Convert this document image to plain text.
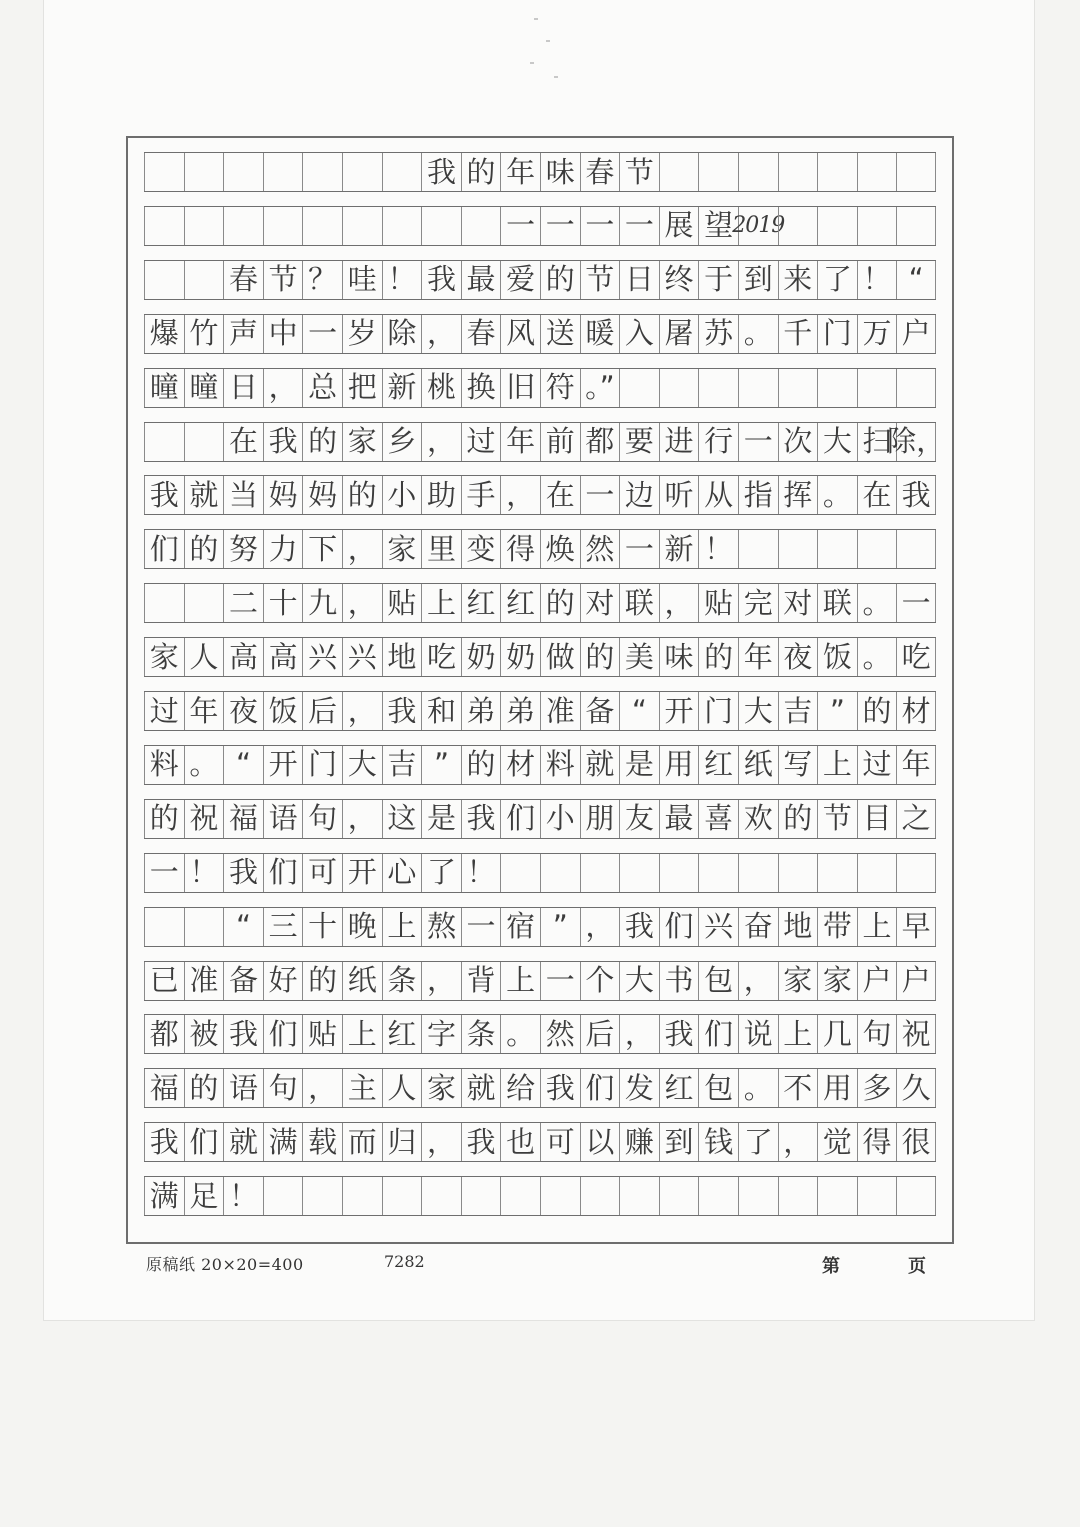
我 的 年 味 春 节
一 一 一 一 展 望 2019
春 节 ？ 哇 ！ 我 最 爱 的 节 日 终 于 到 来 了 ！ “
爆 竹 声 中 一 岁 除 ， 春 风 送 暖 入 屠 苏 。 千 门 万 户
曈 曈 日 ， 总 把 新 桃 换 旧 符 。”
在 我 的 家 乡 ， 过 年 前 都 要 进 行 一 次 大 扫
除，
我 就 当 妈 妈 的 小 助 手 ， 在 一 边 听 从 指 挥 。 在 我
们 的 努 力 下 ， 家 里 变 得 焕 然 一 新 ！
二 十 九 ， 贴 上 红 红 的 对 联 ， 贴 完 对 联 。 一
家 人 高 高 兴 兴 地 吃 奶 奶 做 的 美 味 的 年 夜 饭 。 吃
过 年 夜 饭 后 ， 我 和 弟 弟 准 备 “ 开 门 大 吉 ” 的 材
料 。 “ 开 门 大 吉 ” 的 材 料 就 是 用 红 纸 写 上 过 年
的 祝 福 语 句 ， 这 是 我 们 小 朋 友 最 喜 欢 的 节 目 之
一 ！ 我 们 可 开 心 了 ！
“ 三 十 晚 上 熬 一 宿 ” ， 我 们 兴 奋 地 带 上 早
已 准 备 好 的 纸 条 ， 背 上 一 个 大 书 包 ， 家 家 户 户
都 被 我 们 贴 上 红 字 条 。 然 后 ， 我 们 说 上 几 句 祝
福 的 语 句 ， 主 人 家 就 给 我 们 发 红 包 。 不 用 多 久
我 们 就 满 载 而 归 ， 我 也 可 以 赚 到 钱 了 ， 觉 得 很
满 足 ！
原稿纸 20×20=400	7282	第	页
